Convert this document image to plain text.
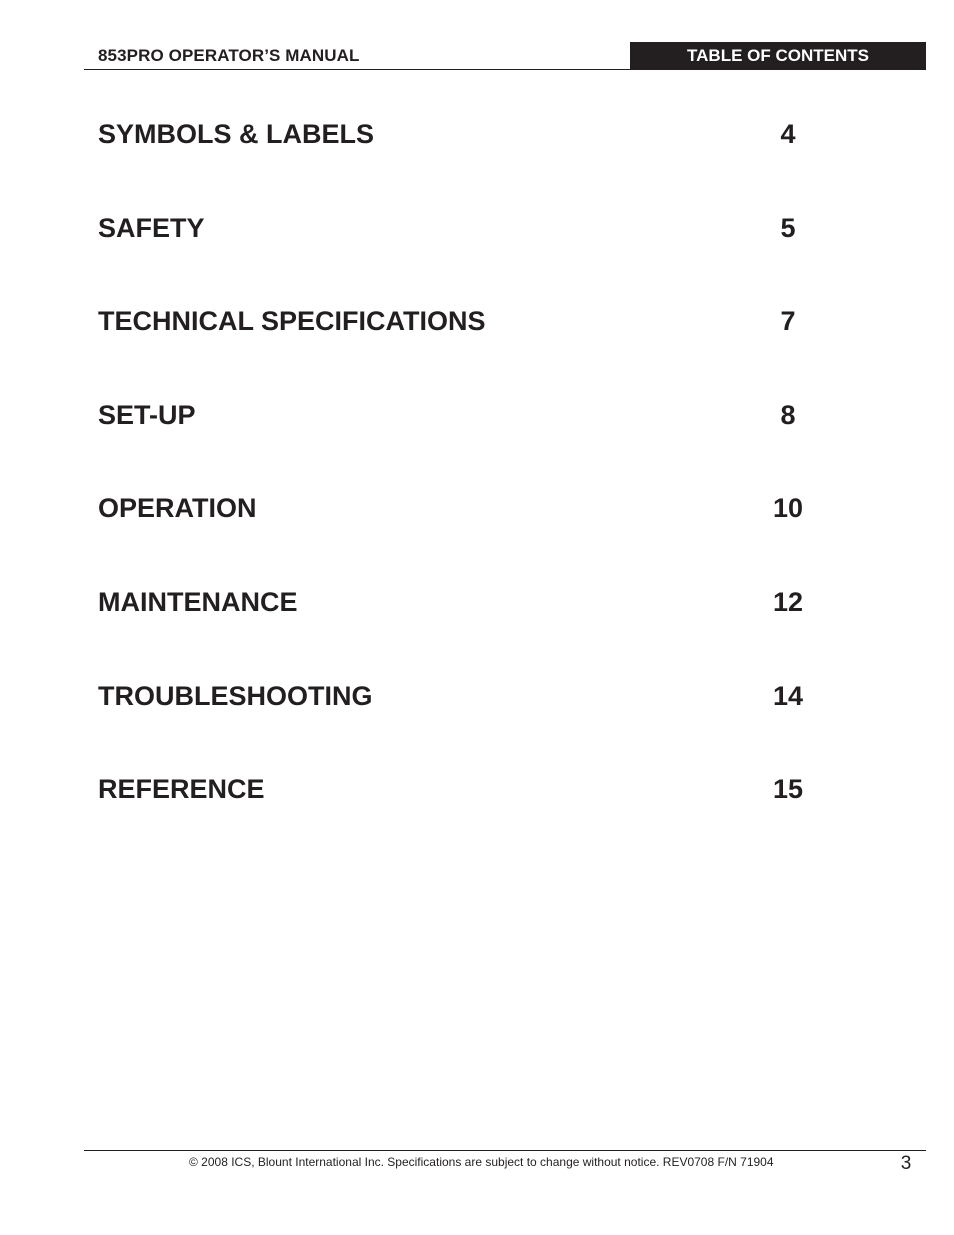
853PRO OPERATOR’S MANUAL	TABLE OF CONTENTS
SYMBOLS & LABELS	4
SAFETY	5
TECHNICAL SPECIFICATIONS	7
SET-UP	8
OPERATION	10
MAINTENANCE	12
TROUBLESHOOTING	14
REFERENCE	15
© 2008 ICS, Blount International Inc. Specifications are subject to change without notice. REV0708 F/N 71904	3
